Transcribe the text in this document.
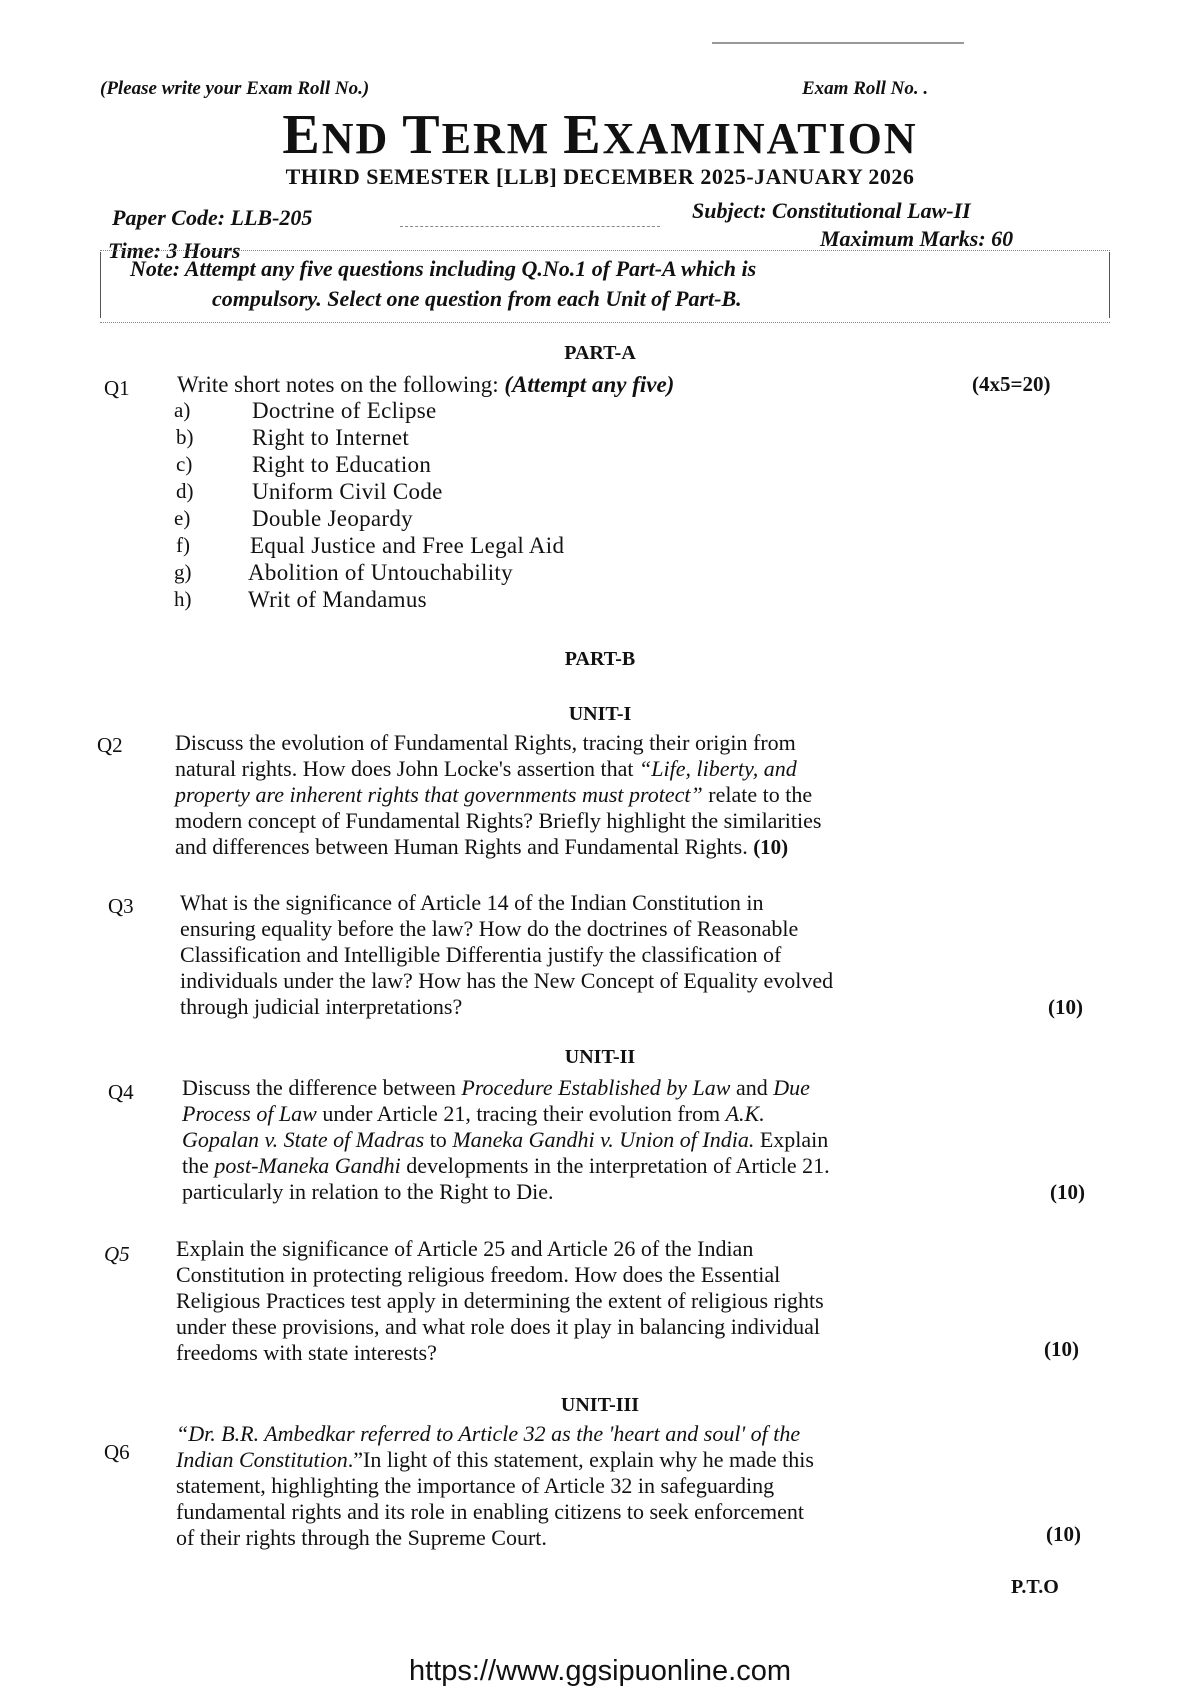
(Please write your Exam Roll No.)	Exam Roll No. .
END TERM EXAMINATION
THIRD SEMESTER [LLB] DECEMBER 2025-JANUARY 2026
Paper Code: LLB-205	Subject: Constitutional Law-II
Time: 3 Hours	Maximum Marks: 60
Note: Attempt any five questions including Q.No.1 of Part-A which is
compulsory. Select one question from each Unit of Part-B.
PART-A
Q1 Write short notes on the following: (Attempt any five)	(4x5=20)
a)	Doctrine of Eclipse
b)	Right to Internet
c)	Right to Education
d)	Uniform Civil Code
e)	Double Jeopardy
f)	Equal Justice and Free Legal Aid
g) Abolition of Untouchability
h) Writ of Mandamus
PART-B
UNIT-I
Q2 Discuss the evolution of Fundamental Rights, tracing their origin from
natural rights. How does John Locke's assertion that “Life, liberty, and
property are inherent rights that governments must protect” relate to the
modern concept of Fundamental Rights? Briefly highlight the similarities
and differences between Human Rights and Fundamental Rights. (10)
Q3 What is the significance of Article 14 of the Indian Constitution in
ensuring equality before the law? How do the doctrines of Reasonable
Classification and Intelligible Differentia justify the classification of
individuals under the law? How has the New Concept of Equality evolved
through judicial interpretations?	(10)
UNIT-II
Q4 Discuss the difference between Procedure Established by Law and Due
Process of Law under Article 21, tracing their evolution from A.K.
Gopalan v. State of Madras to Maneka Gandhi v. Union of India. Explain
the post-Maneka Gandhi developments in the interpretation of Article 21.
particularly in relation to the Right to Die.	(10)
Q5 Explain the significance of Article 25 and Article 26 of the Indian
Constitution in protecting religious freedom. How does the Essential
Religious Practices test apply in determining the extent of religious rights
under these provisions, and what role does it play in balancing individual
freedoms with state interests?	(10)
UNIT-III
Q6
“Dr. B.R. Ambedkar referred to Article 32 as the 'heart and soul' of the
Indian Constitution.”In light of this statement, explain why he made this
statement, highlighting the importance of Article 32 in safeguarding
fundamental rights and its role in enabling citizens to seek enforcement
of their rights through the Supreme Court.	(10)
P.T.O
https://www.ggsipuonline.com
